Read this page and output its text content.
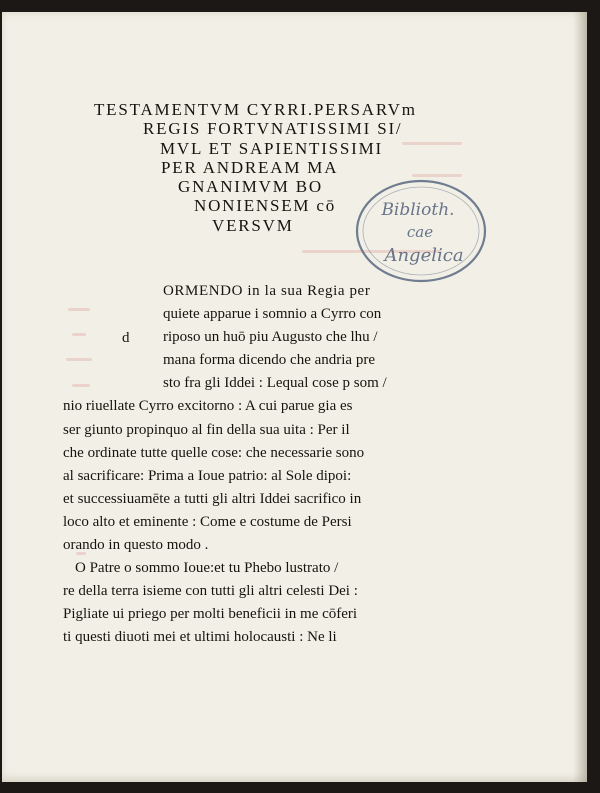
TESTAMENTVM CYRRI.PERSARVm
REGIS FORTVNATISSIMI SI/
MVL ET SAPIENTISSIMI
PER ANDREAM MA
GNANIMVM BO
NONIENSEM cō
VERSVM
Biblioth.
cae
Angelica
d
ORMENDO in la sua Regia per
quiete apparue i somnio a Cyrro con
riposo un huō piu Augusto che lhu /
mana forma dicendo che andria pre
sto fra gli Iddei : Lequal cose p som /
nio riuellate Cyrro excitorno : A cui parue gia es
ser giunto propinquo al fin della sua uita : Per il
che ordinate tutte quelle cose: che necessarie sono
al sacrificare: Prima a Ioue patrio: al Sole dipoi:
et successiuamēte a tutti gli altri Iddei sacrifico in
loco alto et eminente : Come e costume de Persi
orando in questo modo .
O Patre o sommo Ioue:et tu Phebo lustrato /
re della terra isieme con tutti gli altri celesti Dei :
Pigliate ui priego per molti beneficii in me cōferi
ti questi diuoti mei et ultimi holocausti : Ne li
